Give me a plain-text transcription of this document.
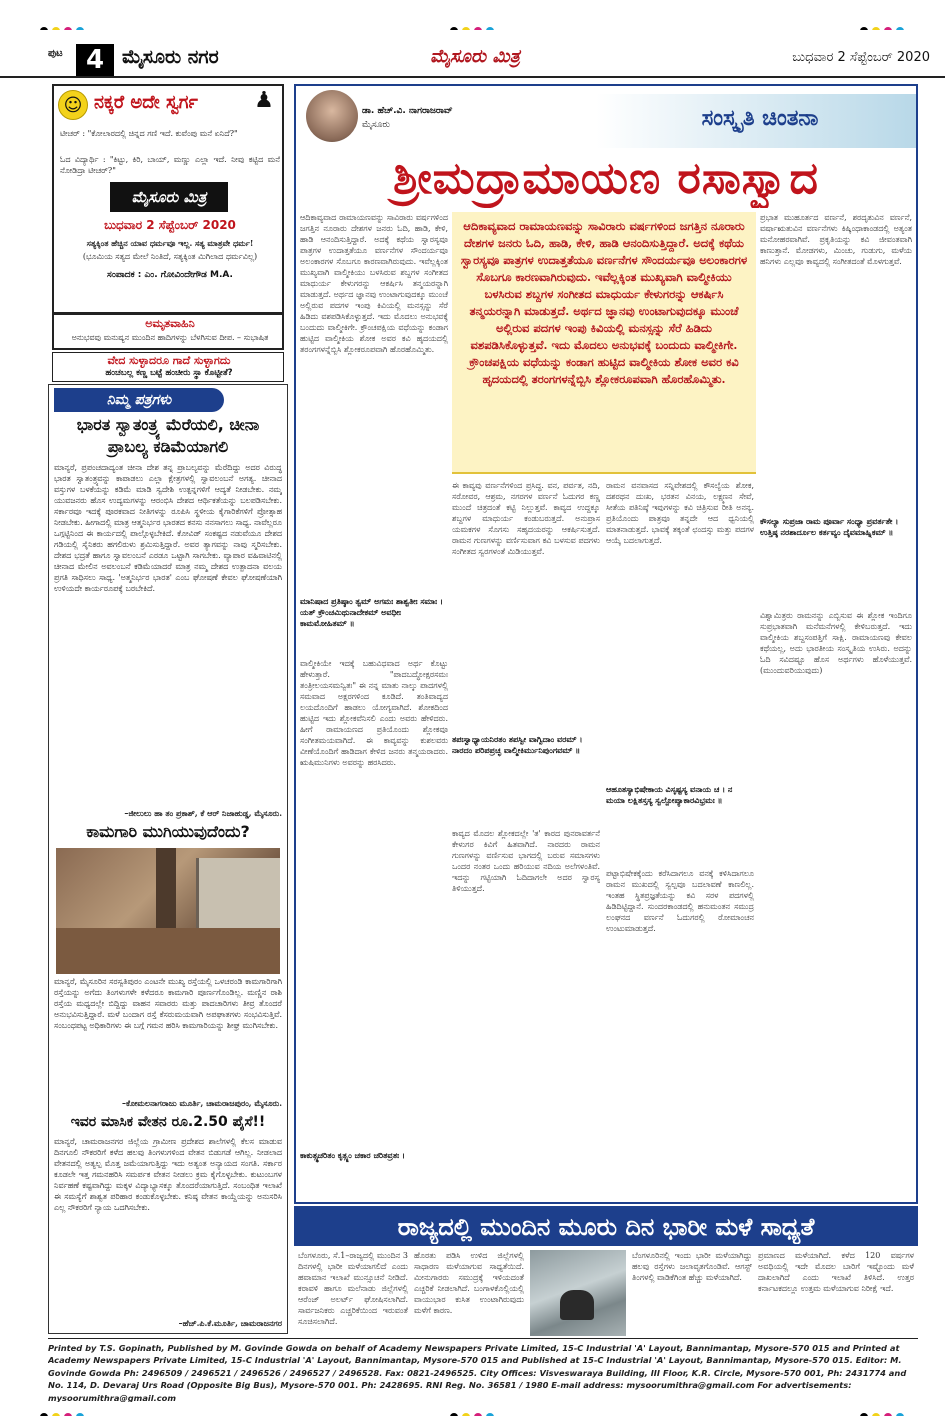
ಪುಟ 4 ಮೈಸೂರು ನಗರ	ಮೈಸೂರು ಮಿತ್ರ	ಬುಧವಾರ 2 ಸೆಪ್ಟೆಂಬರ್ 2020
☺ ನಕ್ಕರೆ ಅದೇ ಸ್ವರ್ಗ	♟
ಟೀಚರ್ : "ಕೋಲಾರದಲ್ಲಿ ಚಿನ್ನದ ಗಣಿ ಇದೆ. ಕುವೆಂಪು ಮನೆ ಏನಿದೆ?"
ಓದ ವಿದ್ಯಾರ್ಥಿ : "ಕಿಟ್ಟು, ಕಿರಿ, ಬಾಯ್, ಮಣ್ಣು ಎಲ್ಲಾ ಇದೆ. ನೀವು ಕಟ್ಟಿದ ಮನೆ ನೋಡಿದ್ರಾ ಟೀಚರ್?"
ಮೈಸೂರು ಮಿತ್ರ
ಬುಧವಾರ 2 ಸೆಪ್ಟೆಂಬರ್ 2020
ಸತ್ಯಕ್ಕಿಂತ ಹೆಚ್ಚಿನ ಯಾವ ಧರ್ಮವೂ ಇಲ್ಲ. ಸತ್ಯ ಮಾತ್ರವೇ ಧರ್ಮ!
(ಭೂಮಿಯ ಸತ್ಯದ ಮೇಲೆ ನಿಂತಿದೆ, ಸತ್ಯಕ್ಕಿಂತ ಮಿಗಿಲಾದ ಧರ್ಮವಿಲ್ಲ)
ಸಂಪಾದಕ : ಎಂ. ಗೋವಿಂದೇಗೌಡ M.A.
ಅಮೃತವಾಹಿನಿ
ಅನುಭವವು ಮನುಷ್ಯನ ಮುಂದಿನ ಹಾದಿಗಳನ್ನು ಬೆಳಗಿಸುವ ದೀಪ. – ಸುಭಾಷಿತ
ವೇದ ಸುಳ್ಳಾದರೂ ಗಾದೆ ಸುಳ್ಳಾಗದು
ಹಂಚಬಲ್ಲ ಕಣ್ಣ ಬಟ್ಟೆ ಹಂಚೀರು ಸ್ಥಾ ಕೊಟ್ಟೀತೆ?
ನಿಮ್ಮ ಪತ್ರಗಳು
ಭಾರತ ಸ್ವಾತಂತ್ರ್ಯ ಮೆರೆಯಲಿ, ಚೀನಾ ಪ್ರಾಬಲ್ಯ ಕಡಿಮೆಯಾಗಲಿ
ಮಾನ್ಯರೆ, ಪ್ರಪಂಚದಾದ್ಯಂತ ಚೀನಾ ದೇಶ ತನ್ನ ಪ್ರಾಬಲ್ಯವನ್ನು ಮೆರೆದಿದ್ದು ಅದರ ವಿರುದ್ಧ ಭಾರತ ಸ್ವಾತಂತ್ರ್ಯವನ್ನು ಕಾಪಾಡಲು ಎಲ್ಲಾ ಕ್ಷೇತ್ರಗಳಲ್ಲಿ ಸ್ವಾವಲಂಬನೆ ಅಗತ್ಯ. ಚೀನಾದ ವಸ್ತುಗಳ ಬಳಕೆಯನ್ನು ಕಡಿಮೆ ಮಾಡಿ ಸ್ವದೇಶಿ ಉತ್ಪನ್ನಗಳಿಗೆ ಆದ್ಯತೆ ನೀಡಬೇಕು. ನಮ್ಮ ಯುವಜನರು ಹೊಸ ಉದ್ಯಮಗಳನ್ನು ಆರಂಭಿಸಿ ದೇಶದ ಆರ್ಥಿಕತೆಯನ್ನು ಬಲಪಡಿಸಬೇಕು. ಸರ್ಕಾರವೂ ಇದಕ್ಕೆ ಪೂರಕವಾದ ನೀತಿಗಳನ್ನು ರೂಪಿಸಿ ಸ್ಥಳೀಯ ಕೈಗಾರಿಕೆಗಳಿಗೆ ಪ್ರೋತ್ಸಾಹ ನೀಡಬೇಕು. ಹೀಗಾದಲ್ಲಿ ಮಾತ್ರ ಆತ್ಮನಿರ್ಭರ ಭಾರತದ ಕನಸು ನನಸಾಗಲು ಸಾಧ್ಯ. ನಾವೆಲ್ಲರೂ ಒಗ್ಗಟ್ಟಿನಿಂದ ಈ ಕಾರ್ಯದಲ್ಲಿ ಪಾಲ್ಗೊಳ್ಳಬೇಕಿದೆ. ಕೋವಿಡ್ ಸಂಕಷ್ಟದ ನಡುವೆಯೂ ದೇಶದ ಗಡಿಯಲ್ಲಿ ಸೈನಿಕರು ಹಗಲಿರುಳು ಶ್ರಮಿಸುತ್ತಿದ್ದಾರೆ. ಅವರ ತ್ಯಾಗವನ್ನು ನಾವು ಸ್ಮರಿಸಬೇಕು. ದೇಶದ ಭದ್ರತೆ ಹಾಗೂ ಸ್ವಾವಲಂಬನೆ ಎರಡೂ ಒಟ್ಟಾಗಿ ಸಾಗಬೇಕು. ವ್ಯಾಪಾರ ವಹಿವಾಟಿನಲ್ಲಿ ಚೀನಾದ ಮೇಲಿನ ಅವಲಂಬನೆ ಕಡಿಮೆಯಾದರೆ ಮಾತ್ರ ನಮ್ಮ ದೇಶದ ಉತ್ಪಾದನಾ ವಲಯ ಪ್ರಗತಿ ಸಾಧಿಸಲು ಸಾಧ್ಯ. 'ಅತ್ಮನಿರ್ಭರ ಭಾರತ' ಎಂಬ ಘೋಷಣೆ ಕೇವಲ ಘೋಷಣೆಯಾಗಿ ಉಳಿಯದೇ ಕಾರ್ಯರೂಪಕ್ಕೆ ಬರಬೇಕಿದೆ.
–ಜೀಲುಲು ಹಾ ತಂ ಪ್ರಕಾಶ್, ಕೆ ಆರ್ ನಿಜಾಹುಡ್ಡ, ಮೈಸೂರು.
ಕಾಮಗಾರಿ ಮುಗಿಯುವುದೆಂದು?
ಮಾನ್ಯರೆ, ಮೈಸೂರಿನ ಸರಸ್ವತಿಪುರಂ ಎಂಟನೇ ಮುಖ್ಯ ರಸ್ತೆಯಲ್ಲಿ ಒಳಚರಂಡಿ ಕಾಮಗಾರಿಗಾಗಿ ರಸ್ತೆಯನ್ನು ಅಗೆದು ತಿಂಗಳುಗಳೇ ಕಳೆದರೂ ಕಾಮಗಾರಿ ಪೂರ್ಣಗೊಂಡಿಲ್ಲ. ಮಣ್ಣಿನ ರಾಶಿ ರಸ್ತೆಯ ಮಧ್ಯದಲ್ಲೇ ಬಿದ್ದಿದ್ದು ವಾಹನ ಸವಾರರು ಮತ್ತು ಪಾದಚಾರಿಗಳು ತೀವ್ರ ತೊಂದರೆ ಅನುಭವಿಸುತ್ತಿದ್ದಾರೆ. ಮಳೆ ಬಂದಾಗ ರಸ್ತೆ ಕೆಸರುಮಯವಾಗಿ ಅಪಘಾತಗಳು ಸಂಭವಿಸುತ್ತಿವೆ. ಸಂಬಂಧಪಟ್ಟ ಅಧಿಕಾರಿಗಳು ಈ ಬಗ್ಗೆ ಗಮನ ಹರಿಸಿ ಕಾಮಗಾರಿಯನ್ನು ಶೀಘ್ರ ಮುಗಿಸಬೇಕು.
–ಕೋಮಲನಾಗರಾಜು ಮೂರ್ತಿ, ಚಾಮರಾಜಪುರಂ, ಮೈಸೂರು.
ಇವರ ಮಾಸಿಕ ವೇತನ ರೂ.2.50 ಪೈಸೆ!!
ಮಾನ್ಯರೆ, ಚಾಮರಾಜನಗರ ಜಿಲ್ಲೆಯ ಗ್ರಾಮೀಣ ಪ್ರದೇಶದ ಶಾಲೆಗಳಲ್ಲಿ ಕೆಲಸ ಮಾಡುವ ದಿನಗೂಲಿ ನೌಕರರಿಗೆ ಕಳೆದ ಹಲವು ತಿಂಗಳುಗಳಿಂದ ವೇತನ ಬಿಡುಗಡೆ ಆಗಿಲ್ಲ. ನೀಡಲಾದ ವೇತನದಲ್ಲಿ ಅತ್ಯಲ್ಪ ಮೊತ್ತ ಜಮೆಯಾಗುತ್ತಿದ್ದು ಇದು ಅತ್ಯಂತ ಅನ್ಯಾಯದ ಸಂಗತಿ. ಸರ್ಕಾರ ಕೂಡಲೇ ಇತ್ತ ಗಮನಹರಿಸಿ ಸಮರ್ಪಕ ವೇತನ ನೀಡಲು ಕ್ರಮ ಕೈಗೊಳ್ಳಬೇಕು. ಕುಟುಂಬಗಳ ನಿರ್ವಹಣೆ ಕಷ್ಟವಾಗಿದ್ದು ಮಕ್ಕಳ ವಿದ್ಯಾಭ್ಯಾಸಕ್ಕೂ ತೊಂದರೆಯಾಗುತ್ತಿದೆ. ಸಂಬಂಧಿತ ಇಲಾಖೆ ಈ ಸಮಸ್ಯೆಗೆ ಶಾಶ್ವತ ಪರಿಹಾರ ಕಂಡುಕೊಳ್ಳಬೇಕು. ಕನಿಷ್ಠ ವೇತನ ಕಾಯ್ದೆಯನ್ನು ಅನುಸರಿಸಿ ಎಲ್ಲ ನೌಕರರಿಗೆ ನ್ಯಾಯ ಒದಗಿಸಬೇಕು.
–ಹೆಚ್.ಪಿ.ಕೆ.ಮೂರ್ತಿ, ಚಾಮರಾಜನಗರ
ಡಾ. ಹೆಚ್.ವಿ. ನಾಗರಾಜರಾವ್
ಮೈಸೂರು	ಸಂಸ್ಕೃತಿ ಚಿಂತನಾ
ಶ್ರೀಮದ್ರಾಮಾಯಣ ರಸಾಸ್ವಾದ
ಆದಿಕಾವ್ಯವಾದ ರಾಮಾಯಣವನ್ನು ಸಾವಿರಾರು ವರ್ಷಗಳಿಂದ ಜಗತ್ತಿನ ನೂರಾರು ದೇಶಗಳ ಜನರು ಓದಿ, ಹಾಡಿ, ಕೇಳಿ, ಹಾಡಿ ಆನಂದಿಸುತ್ತಿದ್ದಾರೆ. ಅದಕ್ಕೆ ಕಥೆಯ ಸ್ವಾರಸ್ಯವೂ ಪಾತ್ರಗಳ ಉದಾತ್ತತೆಯೂ ವರ್ಣನೆಗಳ ಸೌಂದರ್ಯವೂ ಅಲಂಕಾರಗಳ ಸೊಬಗೂ ಕಾರಣವಾಗಿರುವುದು. ಇವೆಲ್ಲಕ್ಕಿಂತ ಮುಖ್ಯವಾಗಿ ವಾಲ್ಮೀಕಿಯು ಬಳಸಿರುವ ಶಬ್ದಗಳ ಸಂಗೀತದ ಮಾಧುರ್ಯ ಕೇಳುಗರನ್ನು ಆಕರ್ಷಿಸಿ ತನ್ಮಯರನ್ನಾಗಿ ಮಾಡುತ್ತದೆ. ಅರ್ಥದ ಜ್ಞಾನವು ಉಂಟಾಗುವುದಕ್ಕೂ ಮುಂಚೆ ಅಲ್ಲಿರುವ ಪದಗಳ ಇಂಪು ಕಿವಿಯಲ್ಲಿ ಮನಸ್ಸನ್ನು ಸೆರೆ ಹಿಡಿದು ವಶಪಡಿಸಿಕೊಳ್ಳುತ್ತದೆ. ಇದು ಮೊದಲು ಅನುಭವಕ್ಕೆ ಬಂದುದು ವಾಲ್ಮೀಕಿಗೇ. ಕ್ರೌಂಚಪಕ್ಷಿಯ ವಧೆಯನ್ನು ಕಂಡಾಗ ಹುಟ್ಟಿದ ವಾಲ್ಮೀಕಿಯ ಶೋಕ ಅವರ ಕವಿ ಹೃದಯದಲ್ಲಿ ತರಂಗಗಳನ್ನೆಬ್ಬಿಸಿ ಶ್ಲೋಕರೂಪವಾಗಿ ಹೊರಹೊಮ್ಮಿತು.
ಮಾನಿಷಾದ ಪ್ರತಿಷ್ಠಾಂ ತ್ವಮ್ ಅಗಮಃ ಶಾಶ್ವತೀಃ ಸಮಾಃ । ಯತ್ ಕ್ರೌಂಚಮಿಥುನಾದೇಕಮ್ ಅವಧೀಃ ಕಾಮಮೋಹಿತಮ್ ॥
ವಾಲ್ಮೀಕಿಯೇ ಇದಕ್ಕೆ ಬಹುವಿಧವಾದ ಅರ್ಥ ಕೊಟ್ಟು ಹೇಳುತ್ತಾರೆ. "ಪಾದಬದ್ಧೋಕ್ಷರಸಮಃ ತಂತ್ರೀಲಯಸಮನ್ವಿತಃ" ಈ ನನ್ನ ಮಾತು ನಾಲ್ಕು ಪಾದಗಳಲ್ಲಿ ಸಮವಾದ ಅಕ್ಷರಗಳಿಂದ ಕೂಡಿದೆ. ತಂತಿವಾದ್ಯದ ಲಯದೊಂದಿಗೆ ಹಾಡಲು ಯೋಗ್ಯವಾಗಿದೆ. ಶೋಕದಿಂದ ಹುಟ್ಟಿದ ಇದು ಶ್ಲೋಕವೆನಿಸಲಿ ಎಂದು ಅವರು ಹೇಳಿದರು. ಹೀಗೆ ರಾಮಾಯಣದ ಪ್ರತಿಯೊಂದು ಶ್ಲೋಕವೂ ಸಂಗೀತಮಯವಾಗಿದೆ. ಈ ಕಾವ್ಯವನ್ನು ಕುಶಲವರು ವೀಣೆಯೊಂದಿಗೆ ಹಾಡಿದಾಗ ಕೇಳಿದ ಜನರು ತನ್ಮಯರಾದರು. ಋಷಿಮುನಿಗಳು ಅವರನ್ನು ಹರಸಿದರು.
ಕಾಕುತ್ಸ್ಥಚರಿತಂ ಕೃತ್ಸ್ನಂ ಚಕಾರ ಚರಿತವ್ರತಃ ।
ಆದಿಕಾವ್ಯವಾದ ರಾಮಾಯಣವನ್ನು ಸಾವಿರಾರು ವರ್ಷಗಳಿಂದ ಜಗತ್ತಿನ ನೂರಾರು ದೇಶಗಳ ಜನರು ಓದಿ, ಹಾಡಿ, ಕೇಳಿ, ಹಾಡಿ ಆನಂದಿಸುತ್ತಿದ್ದಾರೆ. ಅದಕ್ಕೆ ಕಥೆಯ ಸ್ವಾರಸ್ಯವೂ ಪಾತ್ರಗಳ ಉದಾತ್ತತೆಯೂ ವರ್ಣನೆಗಳ ಸೌಂದರ್ಯವೂ ಅಲಂಕಾರಗಳ ಸೊಬಗೂ ಕಾರಣವಾಗಿರುವುದು. ಇವೆಲ್ಲಕ್ಕಿಂತ ಮುಖ್ಯವಾಗಿ ವಾಲ್ಮೀಕಿಯು ಬಳಸಿರುವ ಶಬ್ದಗಳ ಸಂಗೀತದ ಮಾಧುರ್ಯ ಕೇಳುಗರನ್ನು ಆಕರ್ಷಿಸಿ ತನ್ಮಯರನ್ನಾಗಿ ಮಾಡುತ್ತದೆ. ಅರ್ಥದ ಜ್ಞಾನವು ಉಂಟಾಗುವುದಕ್ಕೂ ಮುಂಚೆ ಅಲ್ಲಿರುವ ಪದಗಳ ಇಂಪು ಕಿವಿಯಲ್ಲಿ ಮನಸ್ಸನ್ನು ಸೆರೆ ಹಿಡಿದು ವಶಪಡಿಸಿಕೊಳ್ಳುತ್ತವೆ. ಇದು ಮೊದಲು ಅನುಭವಕ್ಕೆ ಬಂದುದು ವಾಲ್ಮೀಕಿಗೇ. ಕ್ರೌಂಚಪಕ್ಷಿಯ ವಧೆಯನ್ನು ಕಂಡಾಗ ಹುಟ್ಟಿದ ವಾಲ್ಮೀಕಿಯ ಶೋಕ ಅವರ ಕವಿ ಹೃದಯದಲ್ಲಿ ತರಂಗಗಳನ್ನೆಬ್ಬಿಸಿ ಶ್ಲೋಕರೂಪವಾಗಿ ಹೊರಹೊಮ್ಮಿತು.
ಈ ಕಾವ್ಯವು ವರ್ಣನೆಗಳಿಂದ ಪ್ರಸಿದ್ಧ. ವನ, ಪರ್ವತ, ನದಿ, ಸರೋವರ, ಆಶ್ರಮ, ನಗರಗಳ ವರ್ಣನೆ ಓದುಗರ ಕಣ್ಣ ಮುಂದೆ ಚಿತ್ರದಂತೆ ಕಟ್ಟಿ ನಿಲ್ಲುತ್ತವೆ. ಕಾವ್ಯದ ಉದ್ದಕ್ಕೂ ಶಬ್ದಗಳ ಮಾಧುರ್ಯ ಕಂಡುಬರುತ್ತದೆ. ಅನುಪ್ರಾಸ ಯಮಕಗಳ ಸೊಗಸು ಸಹೃದಯರನ್ನು ಆಕರ್ಷಿಸುತ್ತದೆ. ರಾಮನ ಗುಣಗಳನ್ನು ವರ್ಣಿಸುವಾಗ ಕವಿ ಬಳಸುವ ಪದಗಳು ಸಂಗೀತದ ಸ್ವರಗಳಂತೆ ಮಿಡಿಯುತ್ತವೆ.
ತಪಃಸ್ವಾಧ್ಯಾಯನಿರತಂ ತಪಸ್ವೀ ವಾಗ್ವಿದಾಂ ವರಮ್ । ನಾರದಂ ಪರಿಪಪ್ರಚ್ಛ ವಾಲ್ಮೀಕಿರ್ಮುನಿಪುಂಗವಮ್ ॥
ಕಾವ್ಯದ ಮೊದಲ ಶ್ಲೋಕದಲ್ಲೇ 'ತ' ಕಾರದ ಪುನರಾವರ್ತನೆ ಕೇಳುಗರ ಕಿವಿಗೆ ಹಿತವಾಗಿದೆ. ನಾರದರು ರಾಮನ ಗುಣಗಳನ್ನು ವರ್ಣಿಸುವ ಭಾಗದಲ್ಲಿ ಬರುವ ಸಮಾಸಗಳು ಒಂದರ ನಂತರ ಒಂದು ಹರಿಯುವ ನದಿಯ ಅಲೆಗಳಂತಿವೆ. ಇದನ್ನು ಗಟ್ಟಿಯಾಗಿ ಓದಿದಾಗಲೇ ಅದರ ಸ್ವಾರಸ್ಯ ತಿಳಿಯುತ್ತದೆ.
ರಾಮನ ವನವಾಸದ ಸನ್ನಿವೇಶದಲ್ಲಿ ಕೌಸಲ್ಯೆಯ ಶೋಕ, ದಶರಥನ ದುಃಖ, ಭರತನ ವಿನಯ, ಲಕ್ಷ್ಮಣನ ಸೇವೆ, ಸೀತೆಯ ಪತಿನಿಷ್ಠೆ ಇವುಗಳನ್ನು ಕವಿ ಚಿತ್ರಿಸುವ ರೀತಿ ಅನನ್ಯ. ಪ್ರತಿಯೊಂದು ಪಾತ್ರವೂ ತನ್ನದೇ ಆದ ಧ್ವನಿಯಲ್ಲಿ ಮಾತನಾಡುತ್ತದೆ. ಭಾವಕ್ಕೆ ತಕ್ಕಂತೆ ಛಂದಸ್ಸು ಮತ್ತು ಪದಗಳ ಆಯ್ಕೆ ಬದಲಾಗುತ್ತದೆ.
ಆಹೂತಸ್ಯಾಭಿಷೇಕಾಯ ವಿಸೃಷ್ಟಸ್ಯ ವನಾಯ ಚ । ನ ಮಯಾ ಲಕ್ಷಿತಸ್ತಸ್ಯ ಸ್ವಲ್ಪೋಪ್ಯಾಕಾರವಿಭ್ರಮಃ ॥
ಪಟ್ಟಾಭಿಷೇಕಕ್ಕೆಂದು ಕರೆಸಿದಾಗಲೂ ವನಕ್ಕೆ ಕಳಿಸಿದಾಗಲೂ ರಾಮನ ಮುಖದಲ್ಲಿ ಸ್ವಲ್ಪವೂ ಬದಲಾವಣೆ ಕಾಣಲಿಲ್ಲ. ಇಂತಹ ಸ್ಥಿತಪ್ರಜ್ಞತೆಯನ್ನು ಕವಿ ಸರಳ ಪದಗಳಲ್ಲಿ ಹಿಡಿದಿಟ್ಟಿದ್ದಾನೆ. ಸುಂದರಕಾಂಡದಲ್ಲಿ ಹನುಮಂತನ ಸಮುದ್ರ ಲಂಘನದ ವರ್ಣನೆ ಓದುಗರಲ್ಲಿ ರೋಮಾಂಚನ ಉಂಟುಮಾಡುತ್ತದೆ.
ಪ್ರಭಾತ ಮುಹೂರ್ತದ ವರ್ಣನೆ, ಶರದೃತುವಿನ ವರ್ಣನೆ, ವರ್ಷಾಋತುವಿನ ವರ್ಣನೆಗಳು ಕಿಷ್ಕಿಂಧಾಕಾಂಡದಲ್ಲಿ ಅತ್ಯಂತ ಮನೋಹರವಾಗಿವೆ. ಪ್ರಕೃತಿಯನ್ನು ಕವಿ ಜೀವಂತವಾಗಿ ಕಾಣುತ್ತಾನೆ. ಮೋಡಗಳು, ಮಿಂಚು, ಗುಡುಗು, ಮಳೆಯ ಹನಿಗಳು ಎಲ್ಲವೂ ಕಾವ್ಯದಲ್ಲಿ ಸಂಗೀತದಂತೆ ಮೊಳಗುತ್ತವೆ.
ಕೌಸಲ್ಯಾ ಸುಪ್ರಜಾ ರಾಮ ಪೂರ್ವಾ ಸಂಧ್ಯಾ ಪ್ರವರ್ತತೇ । ಉತ್ತಿಷ್ಠ ನರಶಾರ್ದೂಲ ಕರ್ತವ್ಯಂ ದೈವಮಾಹ್ನಿಕಮ್ ॥
ವಿಶ್ವಾಮಿತ್ರರು ರಾಮನನ್ನು ಎಬ್ಬಿಸುವ ಈ ಶ್ಲೋಕ ಇಂದಿಗೂ ಸುಪ್ರಭಾತವಾಗಿ ಮನೆಮನೆಗಳಲ್ಲಿ ಕೇಳಿಬರುತ್ತದೆ. ಇದು ವಾಲ್ಮೀಕಿಯ ಶಬ್ದಸಂಪತ್ತಿಗೆ ಸಾಕ್ಷಿ. ರಾಮಾಯಣವು ಕೇವಲ ಕಥೆಯಲ್ಲ, ಅದು ಭಾರತೀಯ ಸಂಸ್ಕೃತಿಯ ಉಸಿರು. ಅದನ್ನು ಓದಿ ಸವಿದಷ್ಟೂ ಹೊಸ ಅರ್ಥಗಳು ಹೊಳೆಯುತ್ತವೆ. (ಮುಂದುವರಿಯುವುದು)
ರಾಜ್ಯದಲ್ಲಿ ಮುಂದಿನ ಮೂರು ದಿನ ಭಾರೀ ಮಳೆ ಸಾಧ್ಯತೆ
ಬೆಂಗಳೂರು, ಸೆ.1–ರಾಜ್ಯದಲ್ಲಿ ಮುಂದಿನ 3 ದಿನಗಳಲ್ಲಿ ಭಾರೀ ಮಳೆಯಾಗಲಿದೆ ಎಂದು ಹವಾಮಾನ ಇಲಾಖೆ ಮುನ್ಸೂಚನೆ ನೀಡಿದೆ. ಕರಾವಳಿ ಹಾಗೂ ಮಲೆನಾಡು ಜಿಲ್ಲೆಗಳಲ್ಲಿ ಆರೆಂಜ್ ಅಲರ್ಟ್ ಘೋಷಿಸಲಾಗಿದೆ. ಸಾರ್ವಜನಿಕರು ಎಚ್ಚರಿಕೆಯಿಂದ ಇರುವಂತೆ ಸೂಚಿಸಲಾಗಿದೆ.
ಹೊರತು ಪಡಿಸಿ ಉಳಿದ ಜಿಲ್ಲೆಗಳಲ್ಲಿ ಸಾಧಾರಣ ಮಳೆಯಾಗುವ ಸಾಧ್ಯತೆಯಿದೆ. ಮೀನುಗಾರರು ಸಮುದ್ರಕ್ಕೆ ಇಳಿಯದಂತೆ ಎಚ್ಚರಿಕೆ ನೀಡಲಾಗಿದೆ. ಬಂಗಾಳಕೊಲ್ಲಿಯಲ್ಲಿ ವಾಯುಭಾರ ಕುಸಿತ ಉಂಟಾಗಿರುವುದು ಮಳೆಗೆ ಕಾರಣ.
ಬೆಂಗಳೂರಿನಲ್ಲಿ ಇಂದು ಭಾರೀ ಮಳೆಯಾಗಿದ್ದು ಹಲವು ರಸ್ತೆಗಳು ಜಲಾವೃತಗೊಂಡಿವೆ. ಆಗಸ್ಟ್ ತಿಂಗಳಲ್ಲಿ ವಾಡಿಕೆಗಿಂತ ಹೆಚ್ಚು ಮಳೆಯಾಗಿದೆ.
ಪ್ರಮಾಣದ ಮಳೆಯಾಗಿದೆ. ಕಳೆದ 120 ವರ್ಷಗಳ ಅವಧಿಯಲ್ಲಿ ಇದೇ ಮೊದಲ ಬಾರಿಗೆ ಇಷ್ಟೊಂದು ಮಳೆ ದಾಖಲಾಗಿದೆ ಎಂದು ಇಲಾಖೆ ತಿಳಿಸಿದೆ. ಉತ್ತರ ಕರ್ನಾಟಕದಲ್ಲೂ ಉತ್ತಮ ಮಳೆಯಾಗುವ ನಿರೀಕ್ಷೆ ಇದೆ.
Printed by T.S. Gopinath, Published by M. Govinde Gowda on behalf of Academy Newspapers Private Limited, 15-C Industrial 'A' Layout, Bannimantap, Mysore-570 015 and Printed at Academy Newspapers Private Limited, 15-C Industrial 'A' Layout, Bannimantap, Mysore-570 015 and Published at 15-C Industrial 'A' Layout, Bannimantap, Mysore-570 015. Editor: M. Govinde Gowda Ph: 2496509 / 2496521 / 2496526 / 2496527 / 2496528. Fax: 0821-2496525. City Offices: Visveswaraya Building, III Floor, K.R. Circle, Mysore-570 001, Ph: 2431774 and No. 114, D. Devaraj Urs Road (Opposite Big Bus), Mysore-570 001. Ph: 2428695. RNI Reg. No. 36581 / 1980 E-mail address: mysoorumithra@gmail.com For advertisements: mysoorumithra@gmail.com
